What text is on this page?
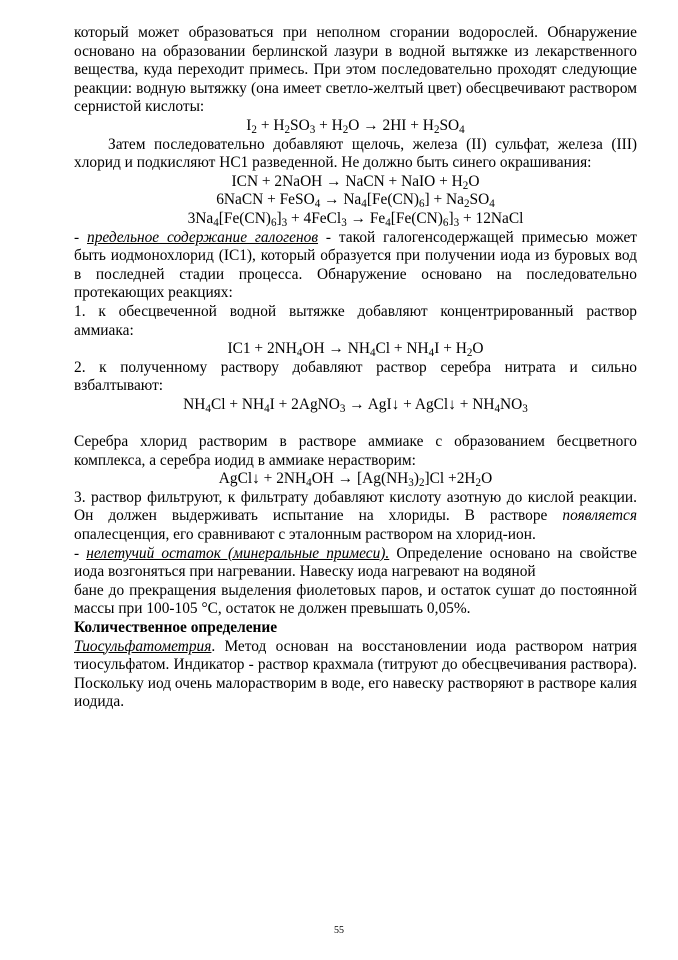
который может образоваться при неполном сгорании водорослей. Обнаружение основано на образовании берлинской лазури в водной вытяжке из лекарственного вещества, куда переходит примесь. При этом последовательно проходят следующие реакции: водную вытяжку (она имеет светло-желтый цвет) обесцвечивают раствором сернистой кислоты:

$I_2 + H_2SO_3 + H_2O \to 2HI + H_2SO_4$

Затем последовательно добавляют щелочь, железа (II) сульфат, железа (III) хлорид и подкисляют HC1 разведенной. Не должно быть синего окрашивания:

ICN + 2NaOH → NaCN + NaIO + $H_2O$

6NaCN + FeSO$_4$ → $Na_4[Fe(CN)_6] + Na_2SO_4$

$3Na_4[Fe(CN)_6]_3$ + 4FeCl$_3$ → $Fe_4[Fe(CN)_6]_3$ + 12NaCl

- предельное содержание галогенов - такой галогенсодержащей примесью может быть иодмонохлорид (IC1), который образуется при получении иода из буровых вод в последней стадии процесса. Обнаружение основано на последовательно протекающих реакциях:

1. к обесцвеченной водной вытяжке добавляют концентрированный раствор аммиака:

$IC1 + 2NH_4OH \to NH_4Cl + NH_4I + H_2O$

2. к полученному раствору добавляют раствор серебра нитрата и сильно взбалтывают:

$NH_4Cl + NH_4I$ + 2AgNO$_3$ → AgI↓ + AgCl↓ + $NH_4NO_3$

Серебра хлорид растворим в растворе аммиаке с образованием бесцветного комплекса, а серебра иодид в аммиаке нерастворим:

AgCl↓ + $2NH_4OH \to [Ag(NH_3)_2]Cl +2H_2O$

3. раствор фильтруют, к фильтрату добавляют кислоту азотную до кислой реакции. Он должен выдерживать испытание на хлориды. В растворе появляется опалесценция, его сравнивают с эталонным раствором на хлорид-ион.

- нелетучий остаток (минеральные примеси). Определение основано на свойстве иода возгоняться при нагревании. Навеску иода нагревают на водяной

бане до прекращения выделения фиолетовых паров, и остаток сушат до постоянной массы при 100-105 °С, остаток не должен превышать 0,05%.

Количественное определение

Тиосульфатометрия. Метод основан на восстановлении иода раствором натрия тиосульфатом. Индикатор - раствор крахмала (титруют до обесцвечивания раствора). Поскольку иод очень малорастворим в воде, его навеску растворяют в растворе калия иодида.

55
